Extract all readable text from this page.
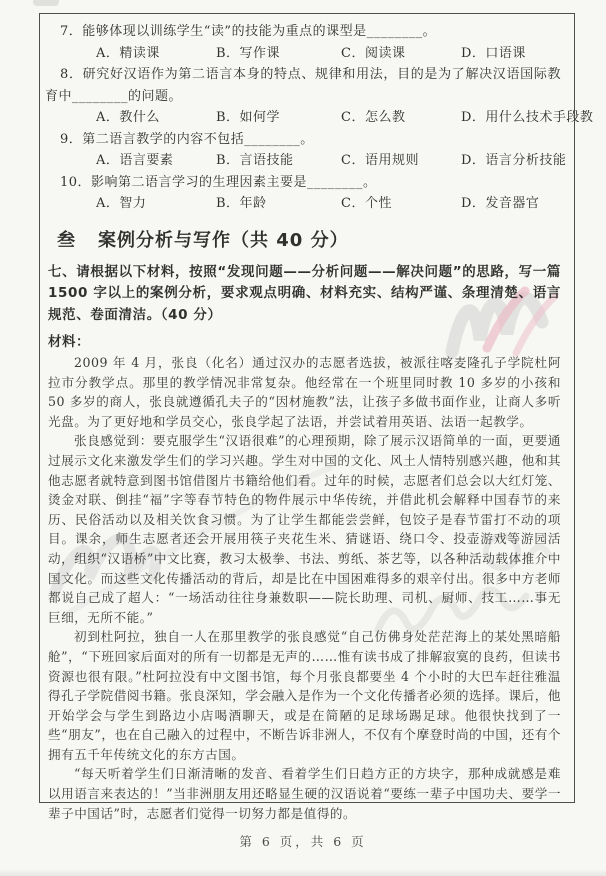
7．能够体现以训练学生“读”的技能为重点的课型是________。

A．精读课	B．写作课	C．阅读课	D．口语课

8．研究好汉语作为第二语言本身的特点、规律和用法，目的是为了解决汉语国际教育中________的问题。

A．教什么	B．如何学	C．怎么教	D．用什么技术手段教

9．第二语言教学的内容不包括________。

A．语言要素	B．言语技能	C．语用规则	D．语言分析技能

10．影响第二语言学习的生理因素主要是________。

A．智力	B．年龄	C．个性	D．发音器官
叁 案例分析与写作（共 40 分）

七、请根据以下材料，按照“发现问题——分析问题——解决问题”的思路，写一篇 1500 字以上的案例分析，要求观点明确、材料充实、结构严谨、条理清楚、语言规范、卷面清洁。（40 分）

材料：

2009 年 4 月，张良（化名）通过汉办的志愿者选拔，被派往喀麦隆孔子学院杜阿拉市分教学点。那里的教学情况非常复杂。他经常在一个班里同时教 10 多岁的小孩和 50 多岁的商人，张良就遵循孔夫子的“因材施教”法，让孩子多做书面作业，让商人多听光盘。为了更好地和学员交心，张良学起了法语，并尝试着用英语、法语一起教学。

张良感觉到：要克服学生“汉语很难”的心理预期，除了展示汉语简单的一面，更要通过展示文化来激发学生们的学习兴趣。学生对中国的文化、风土人情特别感兴趣，他和其他志愿者就特意到图书馆借图片书籍给他们看。过年的时候，志愿者们总会以大红灯笼、烫金对联、倒挂“福”字等春节特色的物件展示中华传统，并借此机会解释中国春节的来历、民俗活动以及相关饮食习惯。为了让学生都能尝尝鲜，包饺子是春节雷打不动的项目。课余，师生志愿者还会开展用筷子夹花生米、猜谜语、绕口令、投壶游戏等游园活动，组织“汉语桥”中文比赛，教习太极拳、书法、剪纸、茶艺等，以各种活动载体推介中国文化。而这些文化传播活动的背后，却是比在中国困难得多的艰辛付出。很多中方老师都说自己成了超人：“一场活动往往身兼数职——院长助理、司机、厨师、技工……事无巨细，无所不能。”

初到杜阿拉，独自一人在那里教学的张良感觉“自己仿佛身处茫茫海上的某处黑暗船舱”，“下班回家后面对的所有一切都是无声的……惟有读书成了排解寂寞的良药，但读书资源也很有限。”杜阿拉没有中文图书馆，每个月张良都要坐 4 个小时的大巴车赶往雅温得孔子学院借阅书籍。张良深知，学会融入是作为一个文化传播者必须的选择。课后，他开始学会与学生到路边小店喝酒聊天，或是在简陋的足球场踢足球。他很快找到了一些“朋友”，也在自己融入的过程中，不断告诉非洲人，不仅有个摩登时尚的中国，还有个拥有五千年传统文化的东方古国。

“每天听着学生们日渐清晰的发音、看着学生们日趋方正的方块字，那种成就感是难以用语言来表达的！”当非洲朋友用还略显生硬的汉语说着“要练一辈子中国功夫、要学一辈子中国话”时，志愿者们觉得一切努力都是值得的。

第 6 页，共 6 页
